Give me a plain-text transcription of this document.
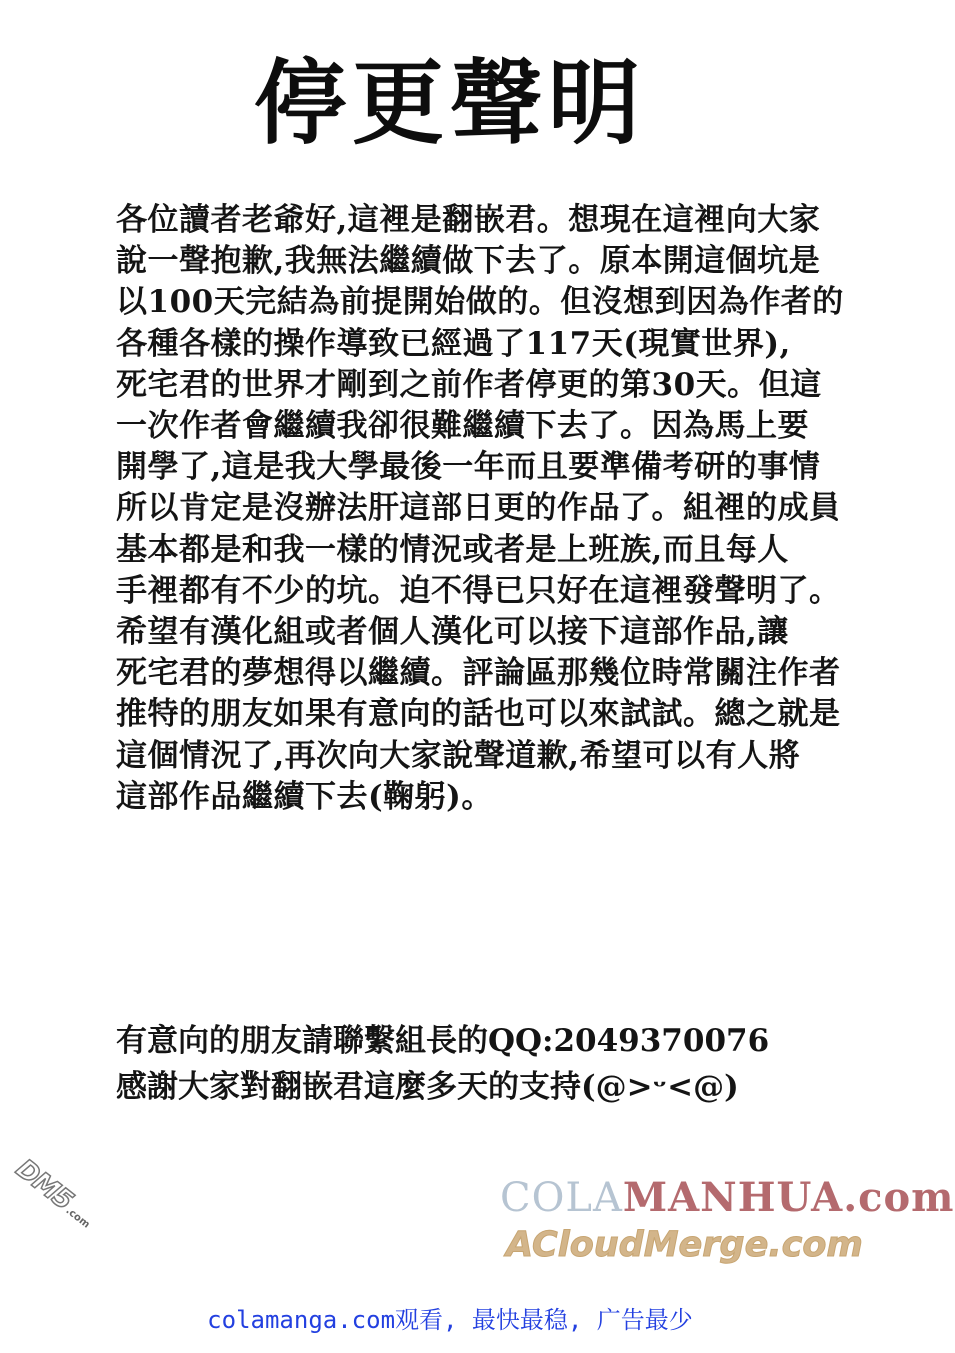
停更聲明
各位讀者老爺好,這裡是翻嵌君。想現在這裡向大家
說一聲抱歉,我無法繼續做下去了。原本開這個坑是
以100天完結為前提開始做的。但沒想到因為作者的
各種各樣的操作導致已經過了117天(現實世界),
死宅君的世界才剛到之前作者停更的第30天。但這
一次作者會繼續我卻很難繼續下去了。因為馬上要
開學了,這是我大學最後一年而且要準備考研的事情
所以肯定是沒辦法肝這部日更的作品了。組裡的成員
基本都是和我一樣的情況或者是上班族,而且每人
手裡都有不少的坑。迫不得已只好在這裡發聲明了。
希望有漢化組或者個人漢化可以接下這部作品,讓
死宅君的夢想得以繼續。評論區那幾位時常關注作者
推特的朋友如果有意向的話也可以來試試。總之就是
這個情況了,再次向大家說聲道歉,希望可以有人將
這部作品繼續下去(鞠躬)。
有意向的朋友請聯繫組長的QQ:2049370076
感謝大家對翻嵌君這麼多天的支持(@>ᵕ<@)
DM5.com	COLAMANHUA.com
ACloudMerge.com
colamanga.com观看, 最快最稳, 广告最少
